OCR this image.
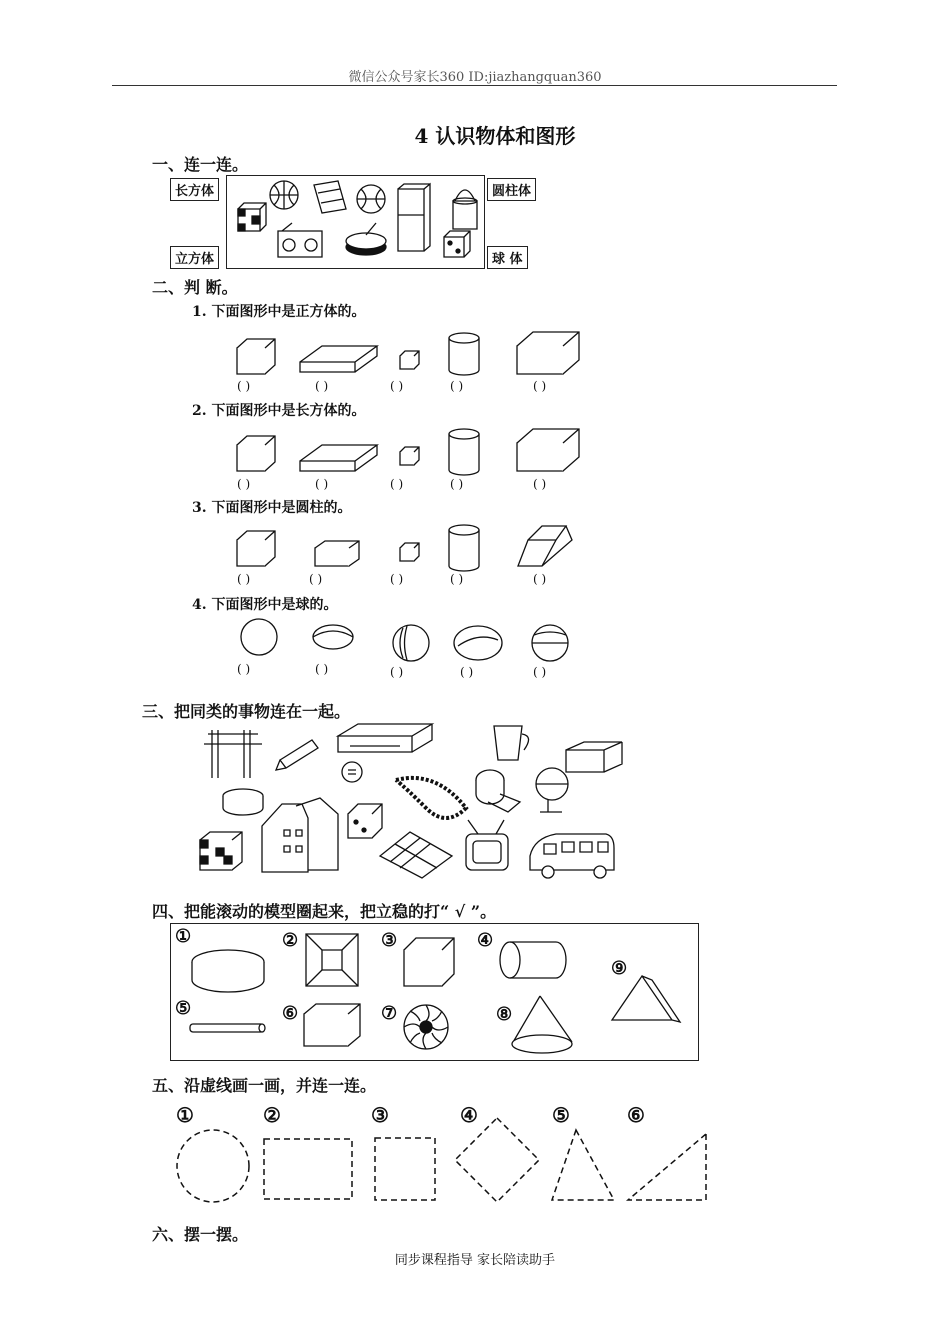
微信公众号家长360 ID:jiazhangquan360
4 认识物体和图形
一、连一连。
长方体
立方体
圆柱体
球 体
二、判 断。
1. 下面图形中是正方体的。
( )	( )	( )	( )	( )
2. 下面图形中是长方体的。
( )	( )	( )	( )	( )
3. 下面图形中是圆柱的。
( )	( )	( )	( )	( )
4. 下面图形中是球的。
( )	( )	( )	( )	( )
三、把同类的事物连在一起。
四、把能滚动的模型圈起来，把立稳的打“ √ ”。
①	②	③	④
⑤	⑥	⑦	⑧
⑨
五、沿虚线画一画，并连一连。
①	②	③	④	⑤	⑥
六、摆一摆。
同步课程指导 家长陪读助手
